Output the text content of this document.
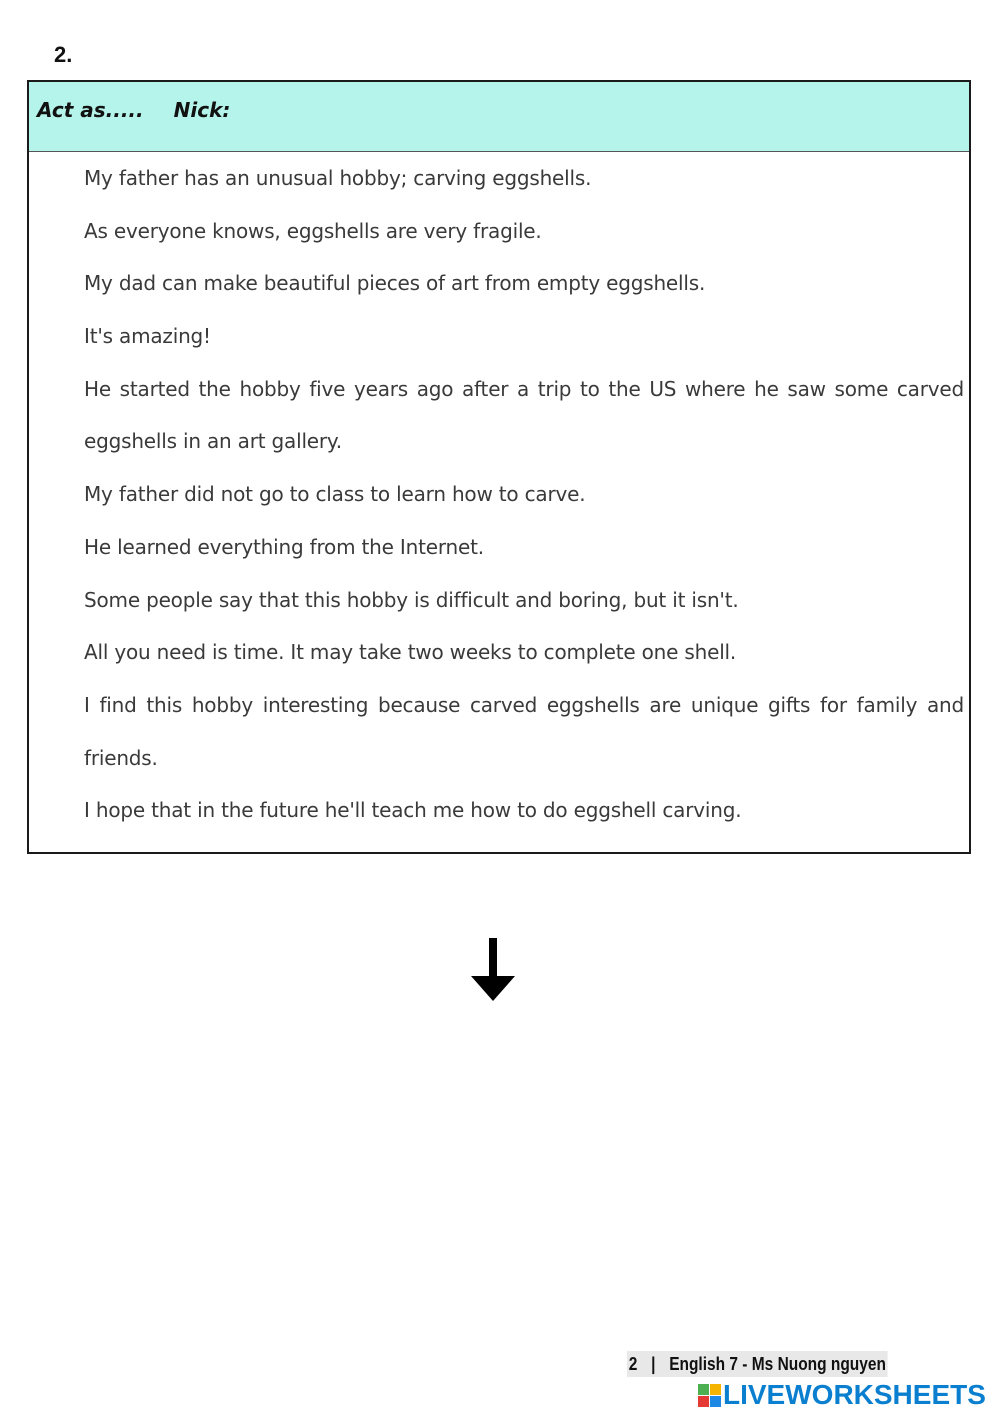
2.
Act as..... Nick:
My father has an unusual hobby; carving eggshells.
As everyone knows, eggshells are very fragile.
My dad can make beautiful pieces of art from empty eggshells.
It's amazing!
He started the hobby five years ago after a trip to the US where he saw some carved
eggshells in an art gallery.
My father did not go to class to learn how to carve.
He learned everything from the Internet.
Some people say that this hobby is difficult and boring, but it isn't.
All you need is time. It may take two weeks to complete one shell.
I find this hobby interesting because carved eggshells are unique gifts for family and
friends.
I hope that in the future he'll teach me how to do eggshell carving.
2 | English 7 - Ms Nuong nguyen
LIVEWORKSHEETS
